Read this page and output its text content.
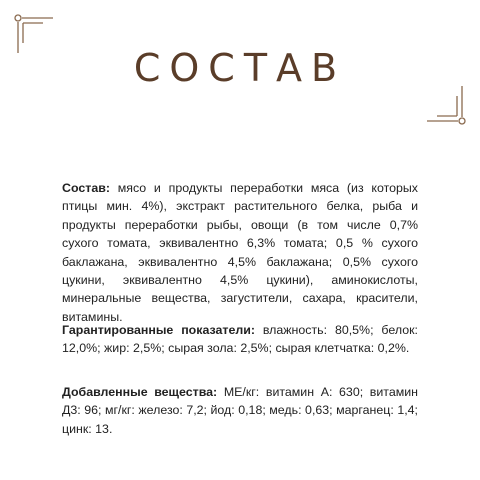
СОСТАВ

Состав: мясо и продукты переработки мяса (из которых птицы мин. 4%), экстракт растительного белка, рыба и продукты переработки рыбы, овощи (в том числе 0,7% сухого томата, эквивалентно 6,3% томата; 0,5 % сухого баклажана, эквивалентно 4,5% баклажана; 0,5% сухого цукини, эквивалентно 4,5% цукини), аминокислоты, минеральные вещества, загустители, сахара, красители, витамины.

Гарантированные показатели: влажность: 80,5%; белок: 12,0%; жир: 2,5%; сырая зола: 2,5%; сырая клетчатка: 0,2%.

Добавленные вещества: МЕ/кг: витамин А: 630; витамин Д3: 96; мг/кг: железо: 7,2; йод: 0,18; медь: 0,63; марганец: 1,4; цинк: 13.
